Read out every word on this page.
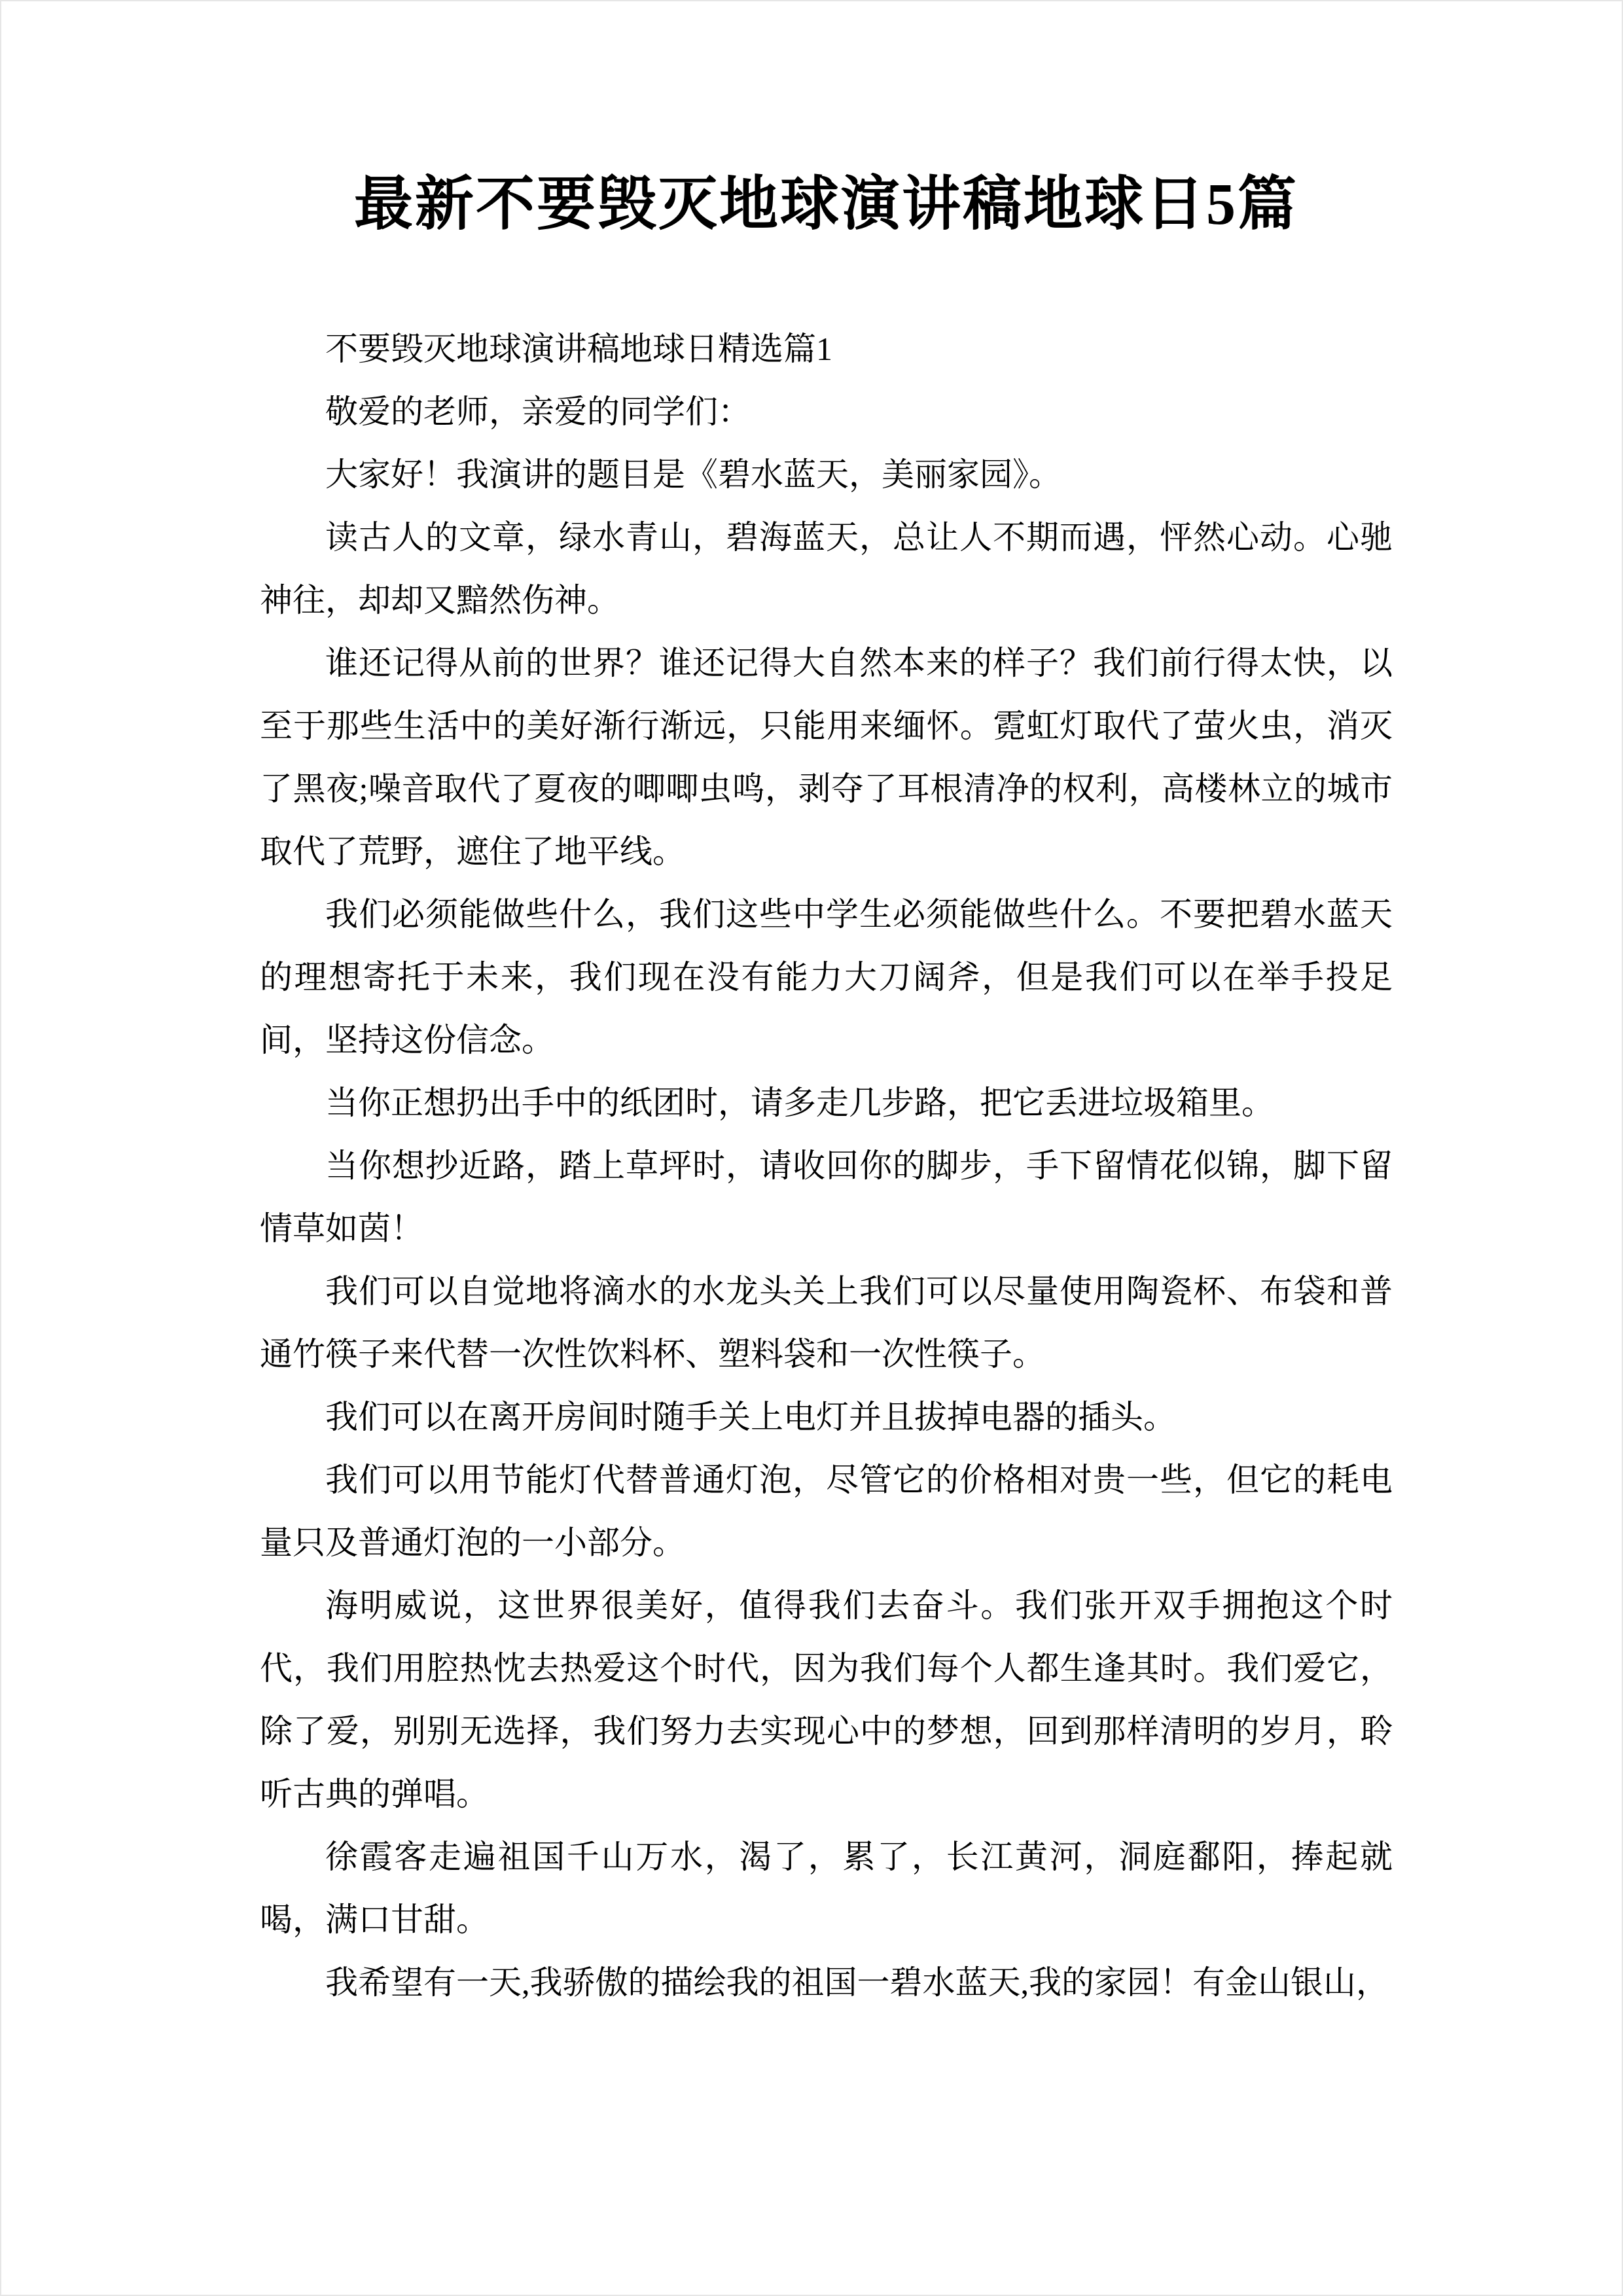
最新不要毁灭地球演讲稿地球日5篇

不要毁灭地球演讲稿地球日精选篇1

敬爱的老师，亲爱的同学们：

大家好！我演讲的题目是《碧水蓝天，美丽家园》。

读古人的文章，绿水青山，碧海蓝天，总让人不期而遇，怦然心动。心驰神往，却却又黯然伤神。

谁还记得从前的世界？谁还记得大自然本来的样子？我们前行得太快，以至于那些生活中的美好渐行渐远，只能用来缅怀。霓虹灯取代了萤火虫，消灭了黑夜;噪音取代了夏夜的唧唧虫鸣，剥夺了耳根清净的权利，高楼林立的城市取代了荒野，遮住了地平线。

我们必须能做些什么，我们这些中学生必须能做些什么。不要把碧水蓝天的理想寄托于未来，我们现在没有能力大刀阔斧，但是我们可以在举手投足间，坚持这份信念。

当你正想扔出手中的纸团时，请多走几步路，把它丢进垃圾箱里。

当你想抄近路，踏上草坪时，请收回你的脚步，手下留情花似锦，脚下留情草如茵！

我们可以自觉地将滴水的水龙头关上我们可以尽量使用陶瓷杯、布袋和普通竹筷子来代替一次性饮料杯、塑料袋和一次性筷子。

我们可以在离开房间时随手关上电灯并且拔掉电器的插头。

我们可以用节能灯代替普通灯泡，尽管它的价格相对贵一些，但它的耗电量只及普通灯泡的一小部分。

海明威说，这世界很美好，值得我们去奋斗。我们张开双手拥抱这个时代，我们用腔热忱去热爱这个时代，因为我们每个人都生逢其时。我们爱它，除了爱，别别无选择，我们努力去实现心中的梦想，回到那样清明的岁月，聆听古典的弹唱。

徐霞客走遍祖国千山万水，渴了，累了，长江黄河，洞庭鄱阳，捧起就喝，满口甘甜。

我希望有一天,我骄傲的描绘我的祖国一碧水蓝天,我的家园！有金山银山，
